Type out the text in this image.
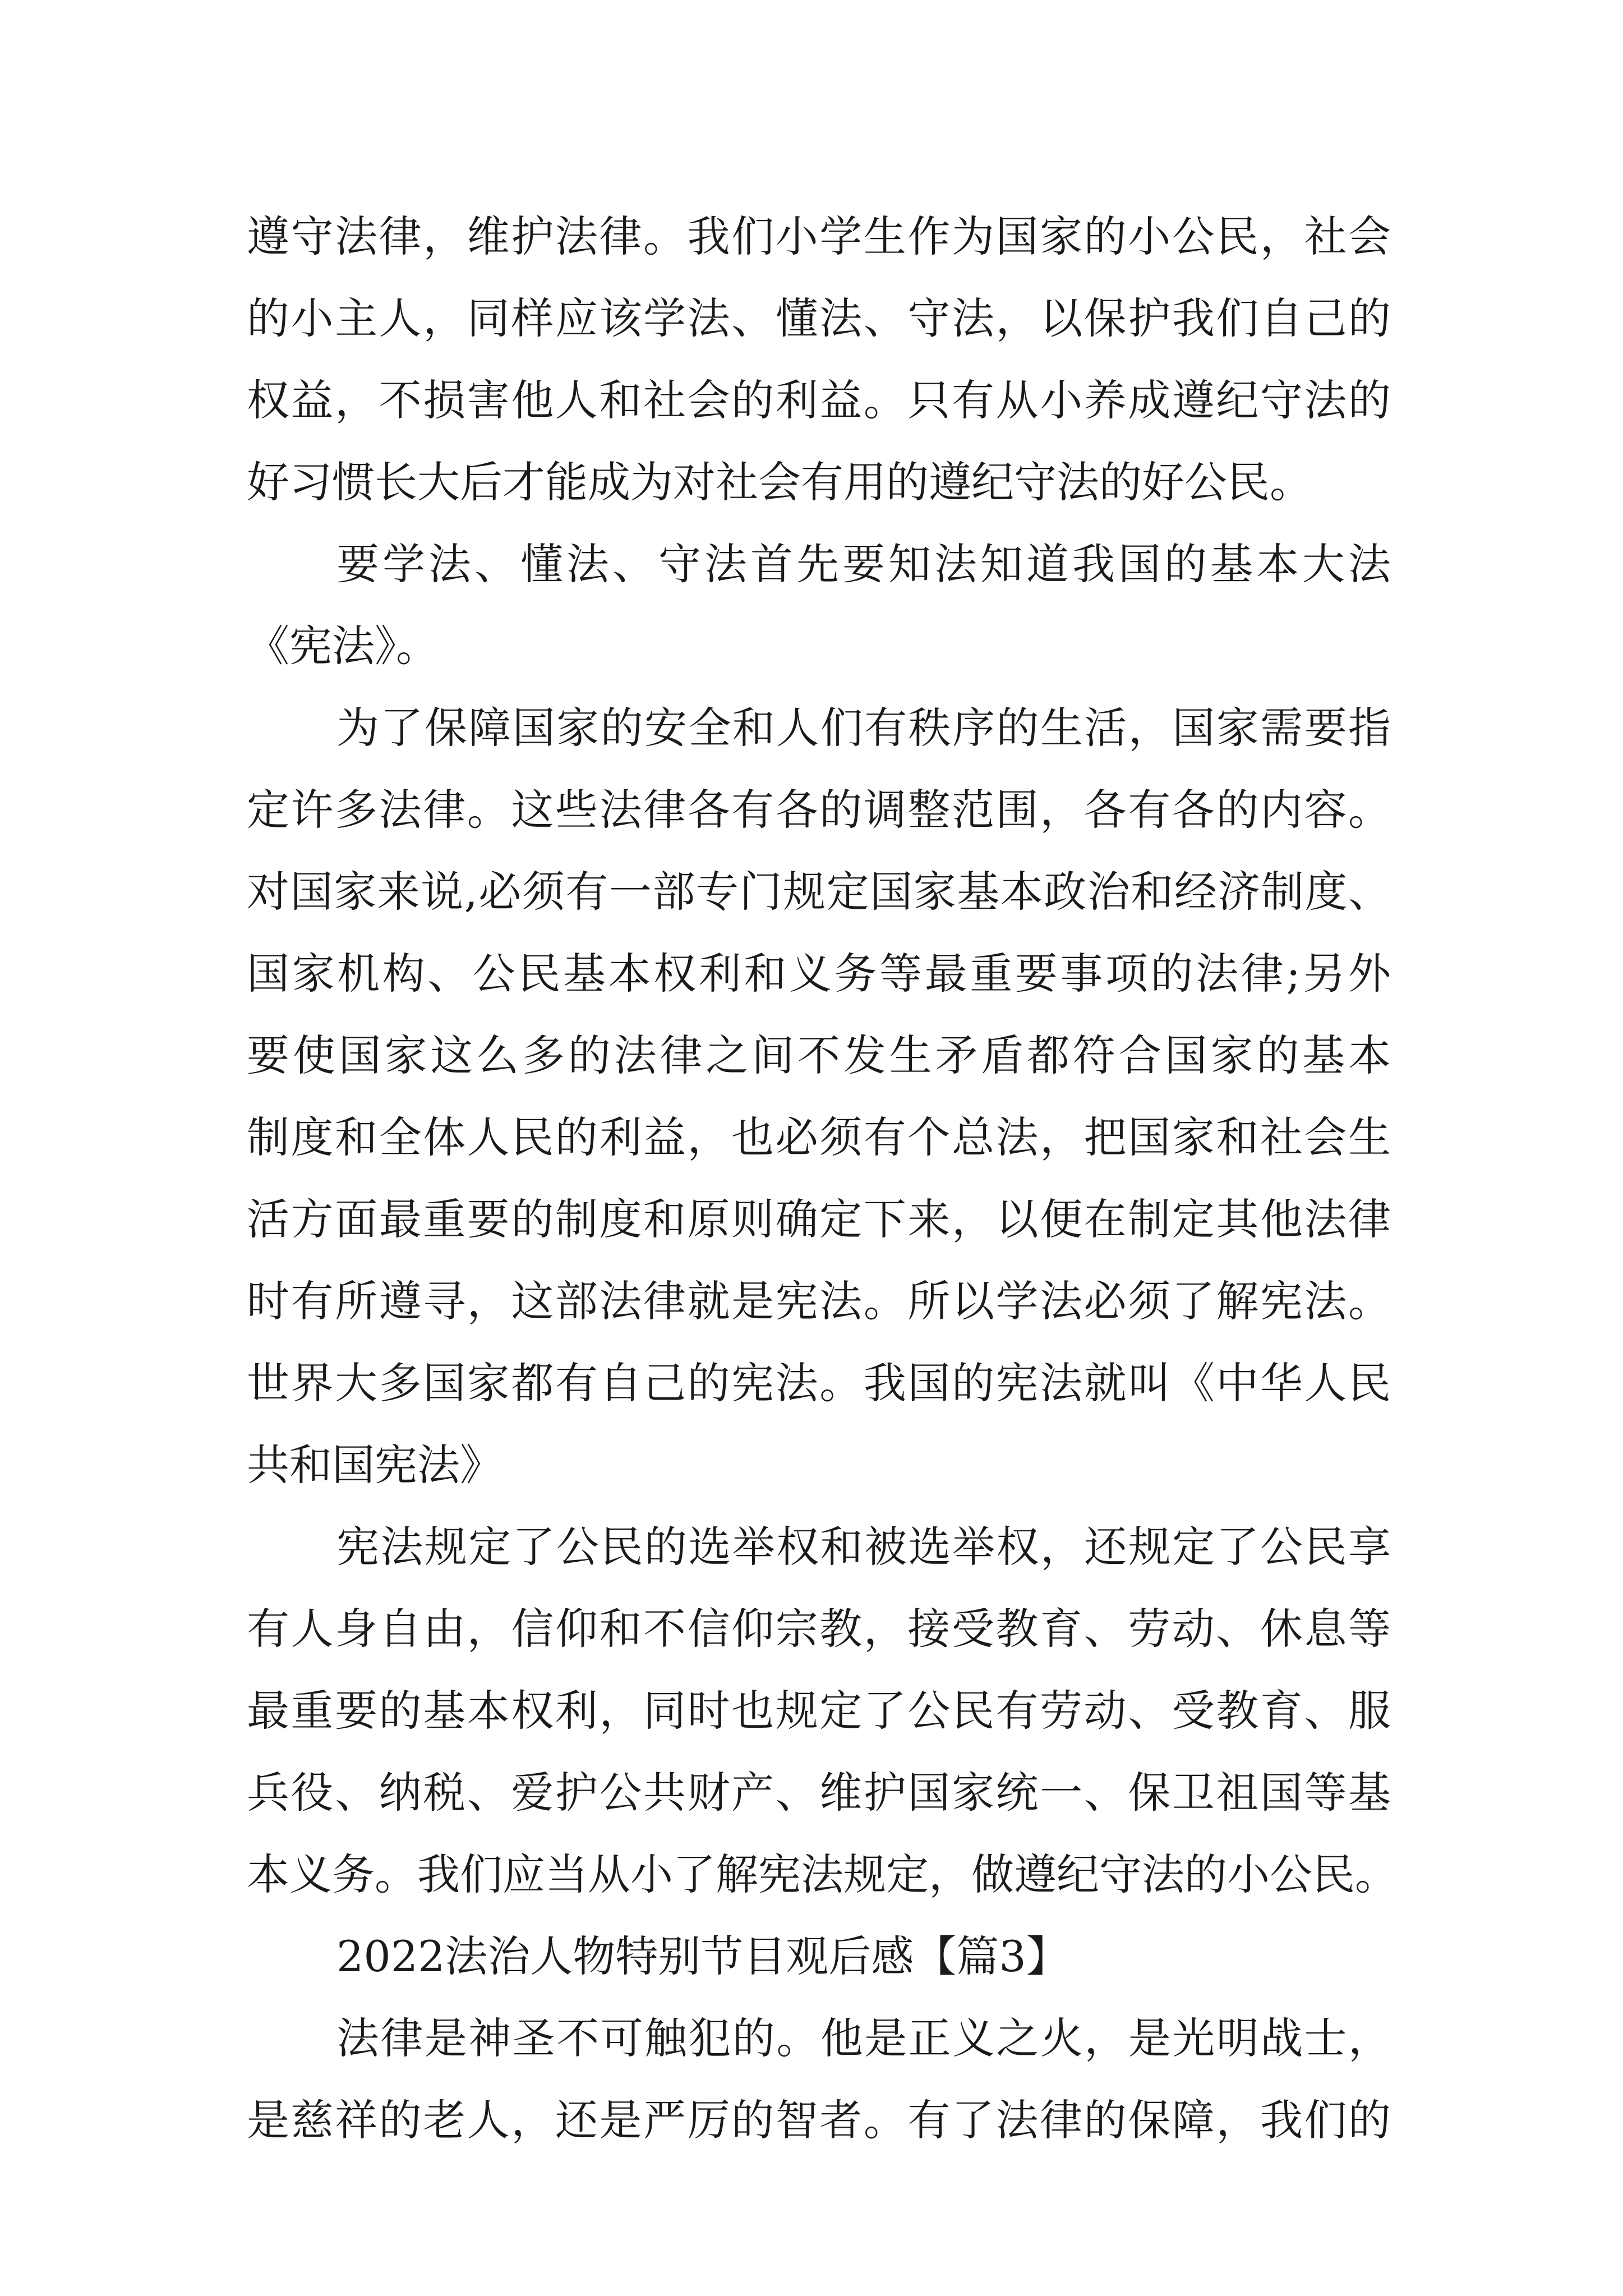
遵守法律，维护法律。我们小学生作为国家的小公民，社会
的小主人，同样应该学法、懂法、守法，以保护我们自己的
权益，不损害他人和社会的利益。只有从小养成遵纪守法的
好习惯长大后才能成为对社会有用的遵纪守法的好公民。
要学法、懂法、守法首先要知法知道我国的基本大法
《宪法》。
为了保障国家的安全和人们有秩序的生活，国家需要指
定许多法律。这些法律各有各的调整范围，各有各的内容。
对国家来说,必须有一部专门规定国家基本政治和经济制度、
国家机构、公民基本权利和义务等最重要事项的法律;另外
要使国家这么多的法律之间不发生矛盾都符合国家的基本
制度和全体人民的利益，也必须有个总法，把国家和社会生
活方面最重要的制度和原则确定下来，以便在制定其他法律
时有所遵寻，这部法律就是宪法。所以学法必须了解宪法。
世界大多国家都有自己的宪法。我国的宪法就叫《中华人民
共和国宪法》
宪法规定了公民的选举权和被选举权，还规定了公民享
有人身自由，信仰和不信仰宗教，接受教育、劳动、休息等
最重要的基本权利，同时也规定了公民有劳动、受教育、服
兵役、纳税、爱护公共财产、维护国家统一、保卫祖国等基
本义务。我们应当从小了解宪法规定，做遵纪守法的小公民。
2022法治人物特别节目观后感【篇3】
法律是神圣不可触犯的。他是正义之火，是光明战士，
是慈祥的老人，还是严厉的智者。有了法律的保障，我们的
